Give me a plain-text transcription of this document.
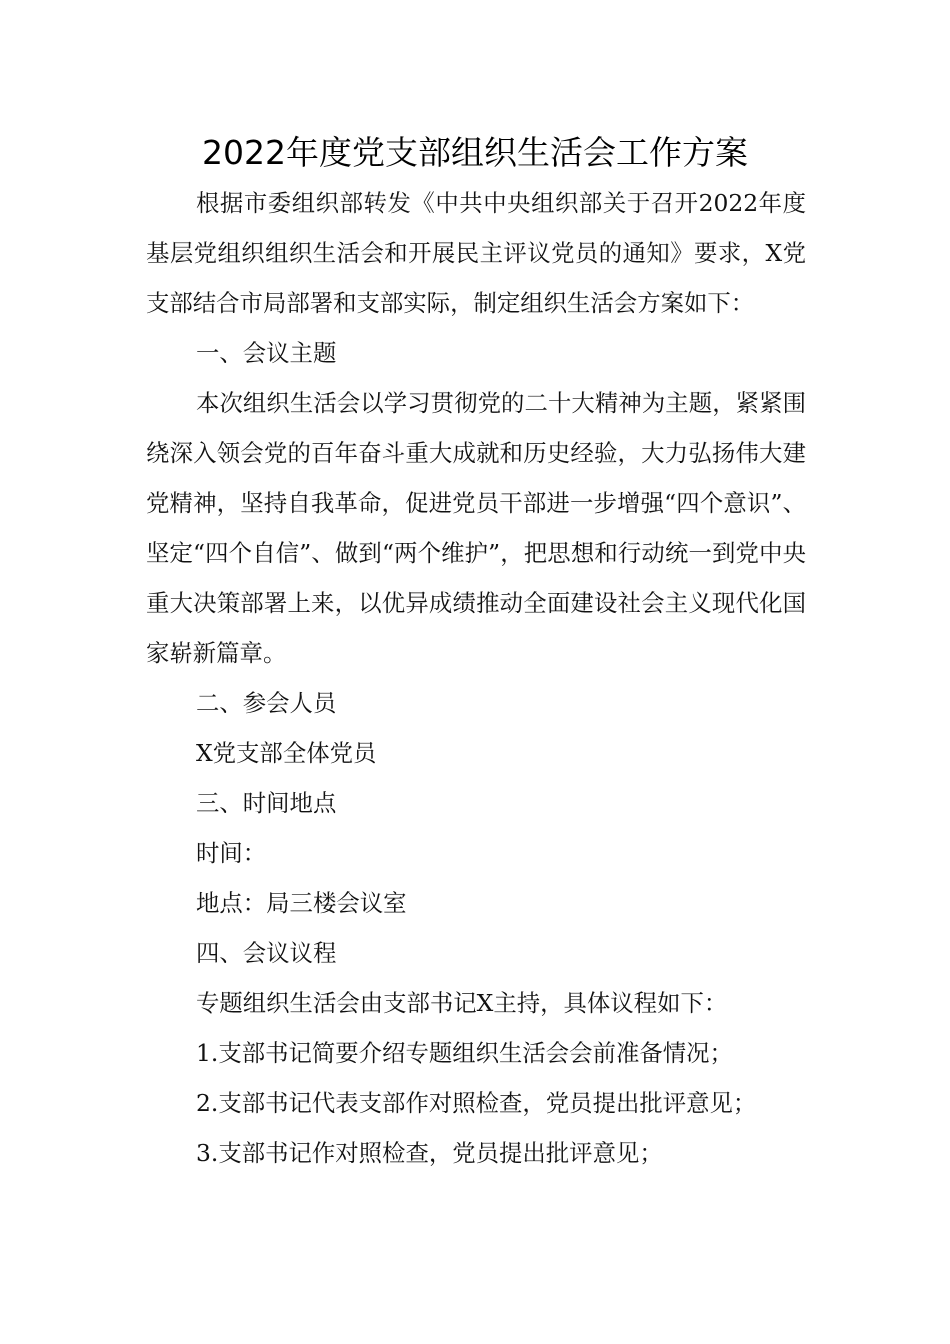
2022年度党支部组织生活会工作方案

根据市委组织部转发《中共中央组织部关于召开2022年度基层党组织组织生活会和开展民主评议党员的通知》要求，X党支部结合市局部署和支部实际，制定组织生活会方案如下：

一、会议主题

本次组织生活会以学习贯彻党的二十大精神为主题，紧紧围绕深入领会党的百年奋斗重大成就和历史经验，大力弘扬伟大建党精神，坚持自我革命，促进党员干部进一步增强“四个意识”、坚定“四个自信”、做到“两个维护”，把思想和行动统一到党中央重大决策部署上来，以优异成绩推动全面建设社会主义现代化国家崭新篇章。

二、参会人员

X党支部全体党员

三、时间地点

时间：

地点：局三楼会议室

四、会议议程

专题组织生活会由支部书记X主持，具体议程如下：

1.支部书记简要介绍专题组织生活会会前准备情况；

2.支部书记代表支部作对照检查，党员提出批评意见；

3.支部书记作对照检查，党员提出批评意见；
